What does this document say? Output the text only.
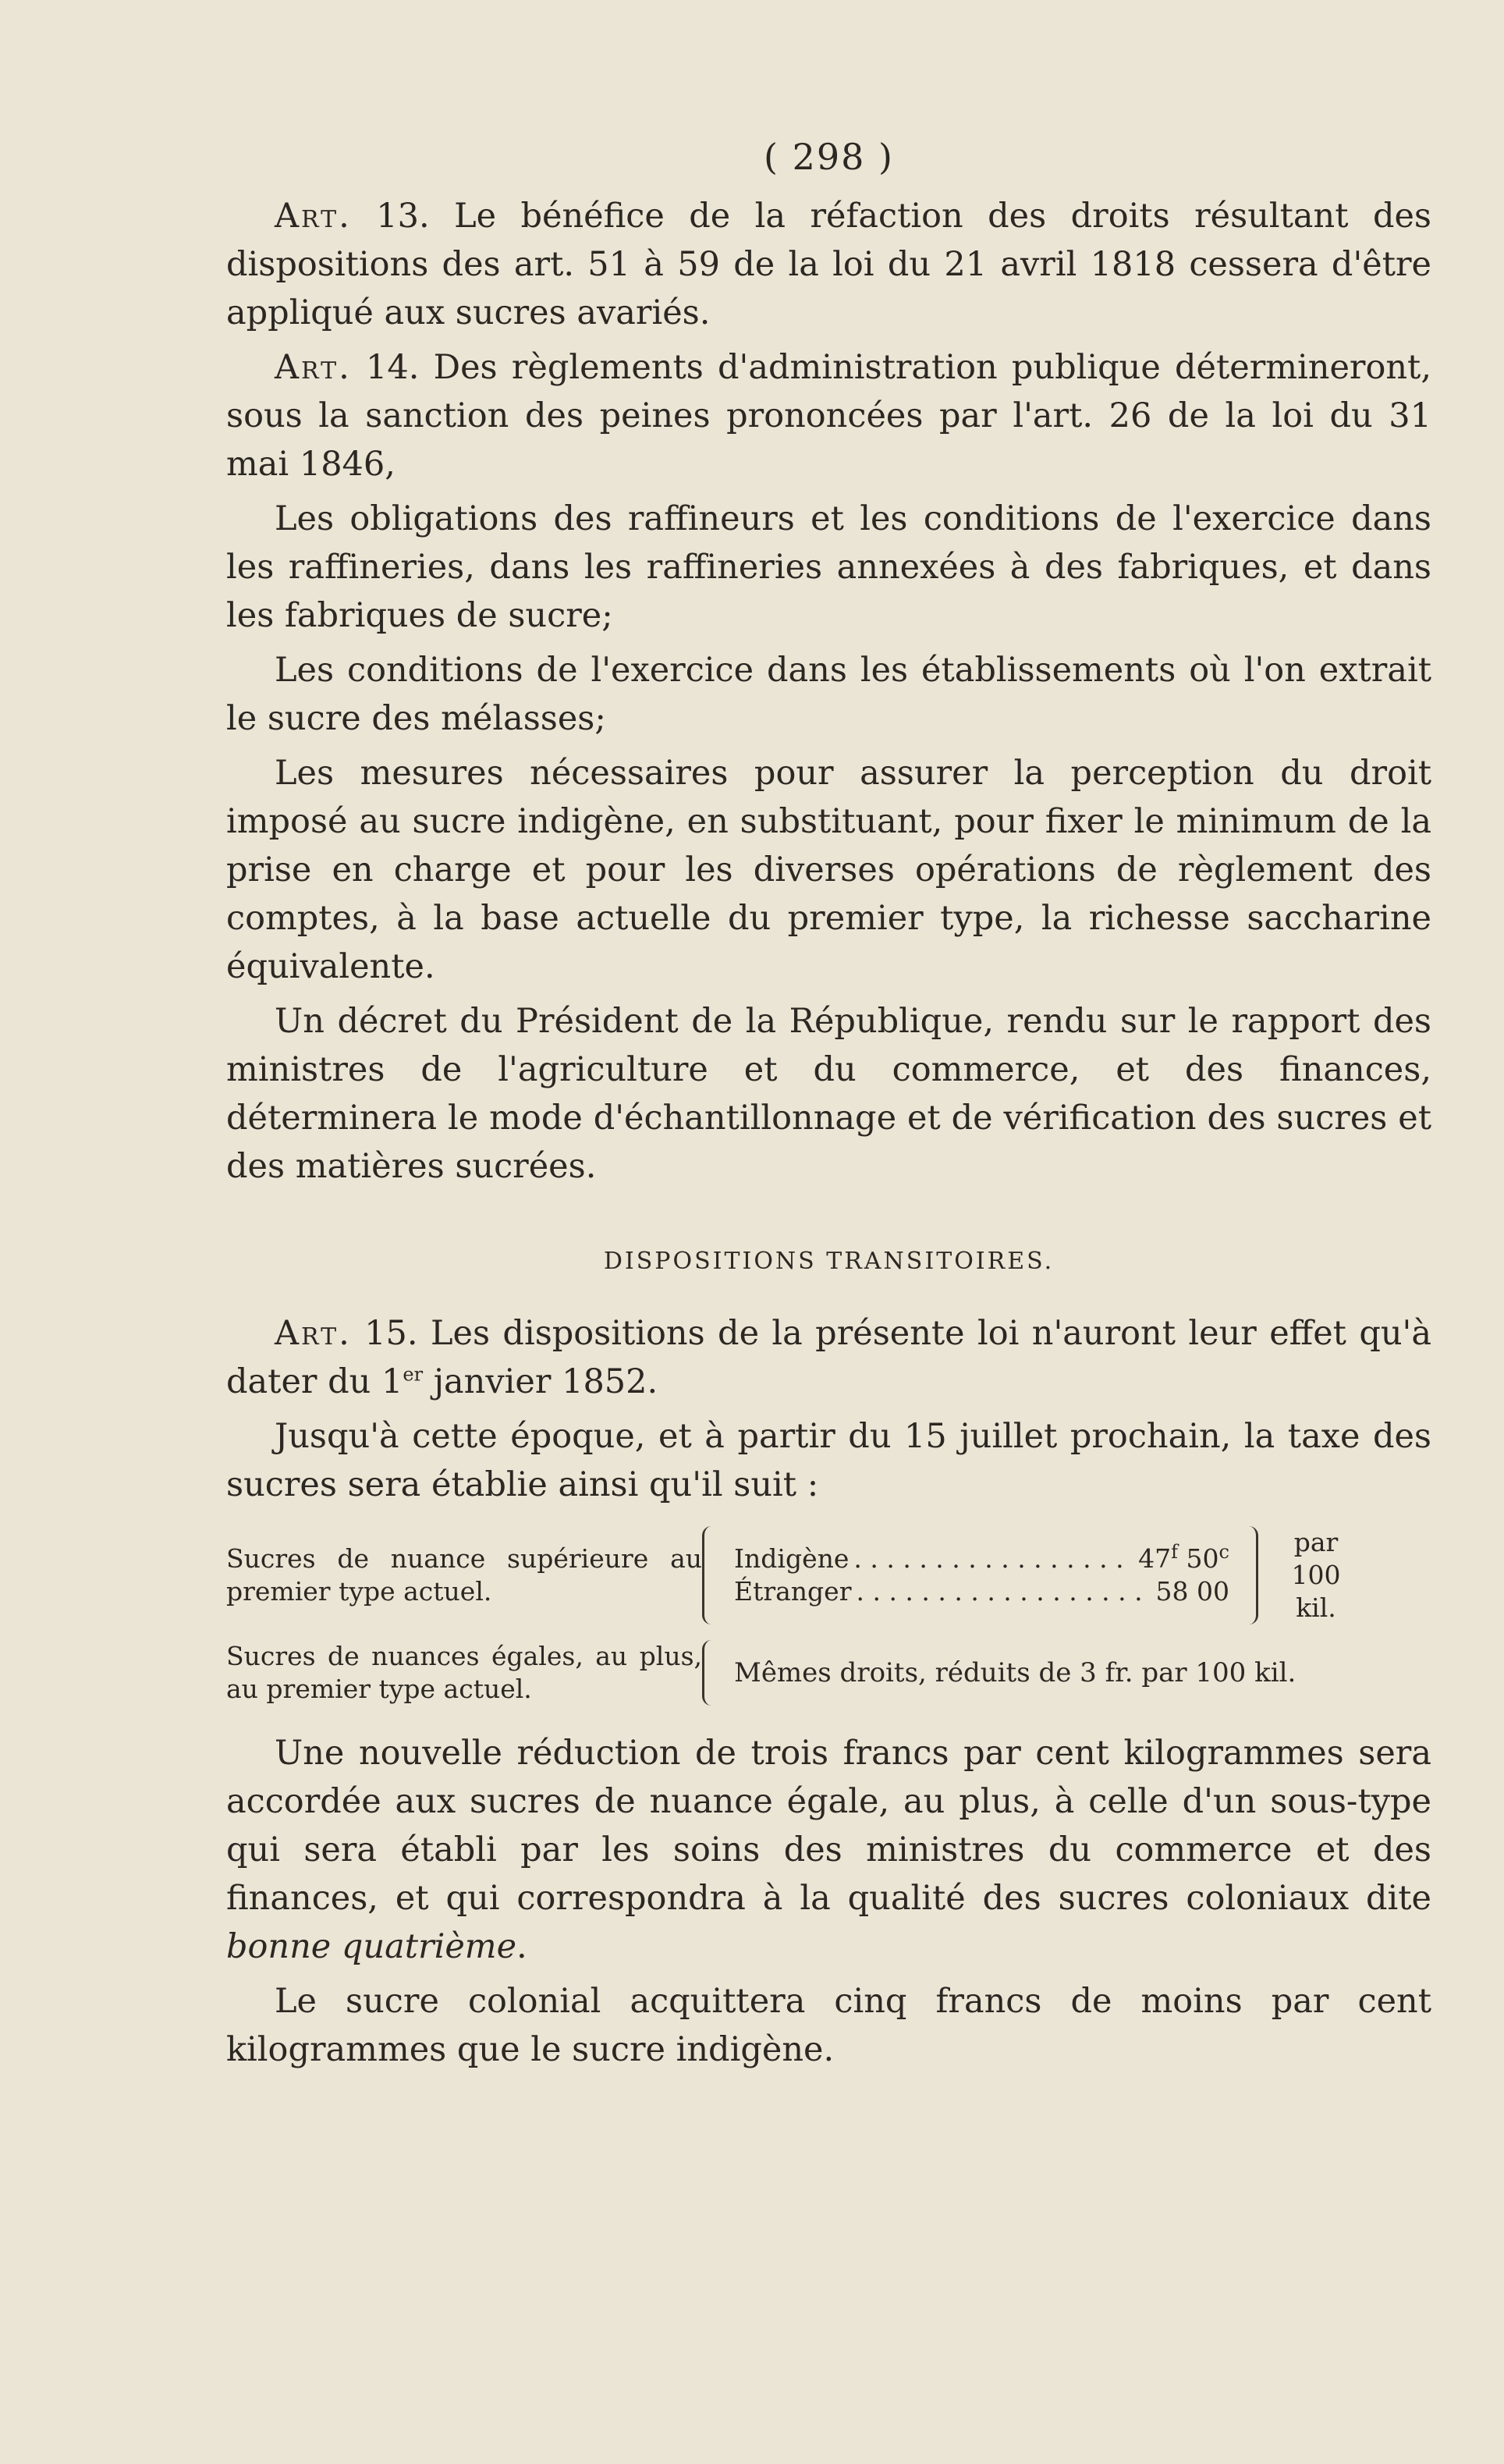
( 298 )

Art. 13. Le bénéfice de la réfaction des droits résultant des dispositions des art. 51 à 59 de la loi du 21 avril 1818 cessera d'être appliqué aux sucres avariés.

Art. 14. Des règlements d'administration publique détermineront, sous la sanction des peines prononcées par l'art. 26 de la loi du 31 mai 1846,

Les obligations des raffineurs et les conditions de l'exercice dans les raffineries, dans les raffineries annexées à des fabriques, et dans les fabriques de sucre;

Les conditions de l'exercice dans les établissements où l'on extrait le sucre des mélasses;

Les mesures nécessaires pour assurer la perception du droit imposé au sucre indigène, en substituant, pour fixer le minimum de la prise en charge et pour les diverses opérations de règlement des comptes, à la base actuelle du premier type, la richesse saccharine équivalente.

Un décret du Président de la République, rendu sur le rapport des ministres de l'agriculture et du commerce, et des finances, déterminera le mode d'échantillonnage et de vérification des sucres et des matières sucrées.

DISPOSITIONS TRANSITOIRES.

Art. 15. Les dispositions de la présente loi n'auront leur effet qu'à dater du 1er janvier 1852.

Jusqu'à cette époque, et à partir du 15 juillet prochain, la taxe des sucres sera établie ainsi qu'il suit :

Sucres de nuance supérieure au premier type actuel.
Indigène . . .	47$^f$ 50$^c$
Étranger . . .	58 00
par 100 kil.
Sucres de nuances égales, au plus, au premier type actuel.
Mêmes droits, réduits de 3 fr. par 100 kil.

Une nouvelle réduction de trois francs par cent kilogrammes sera accordée aux sucres de nuance égale, au plus, à celle d'un sous-type qui sera établi par les soins des ministres du commerce et des finances, et qui correspondra à la qualité des sucres coloniaux dite bonne quatrième.

Le sucre colonial acquittera cinq francs de moins par cent kilogrammes que le sucre indigène.
